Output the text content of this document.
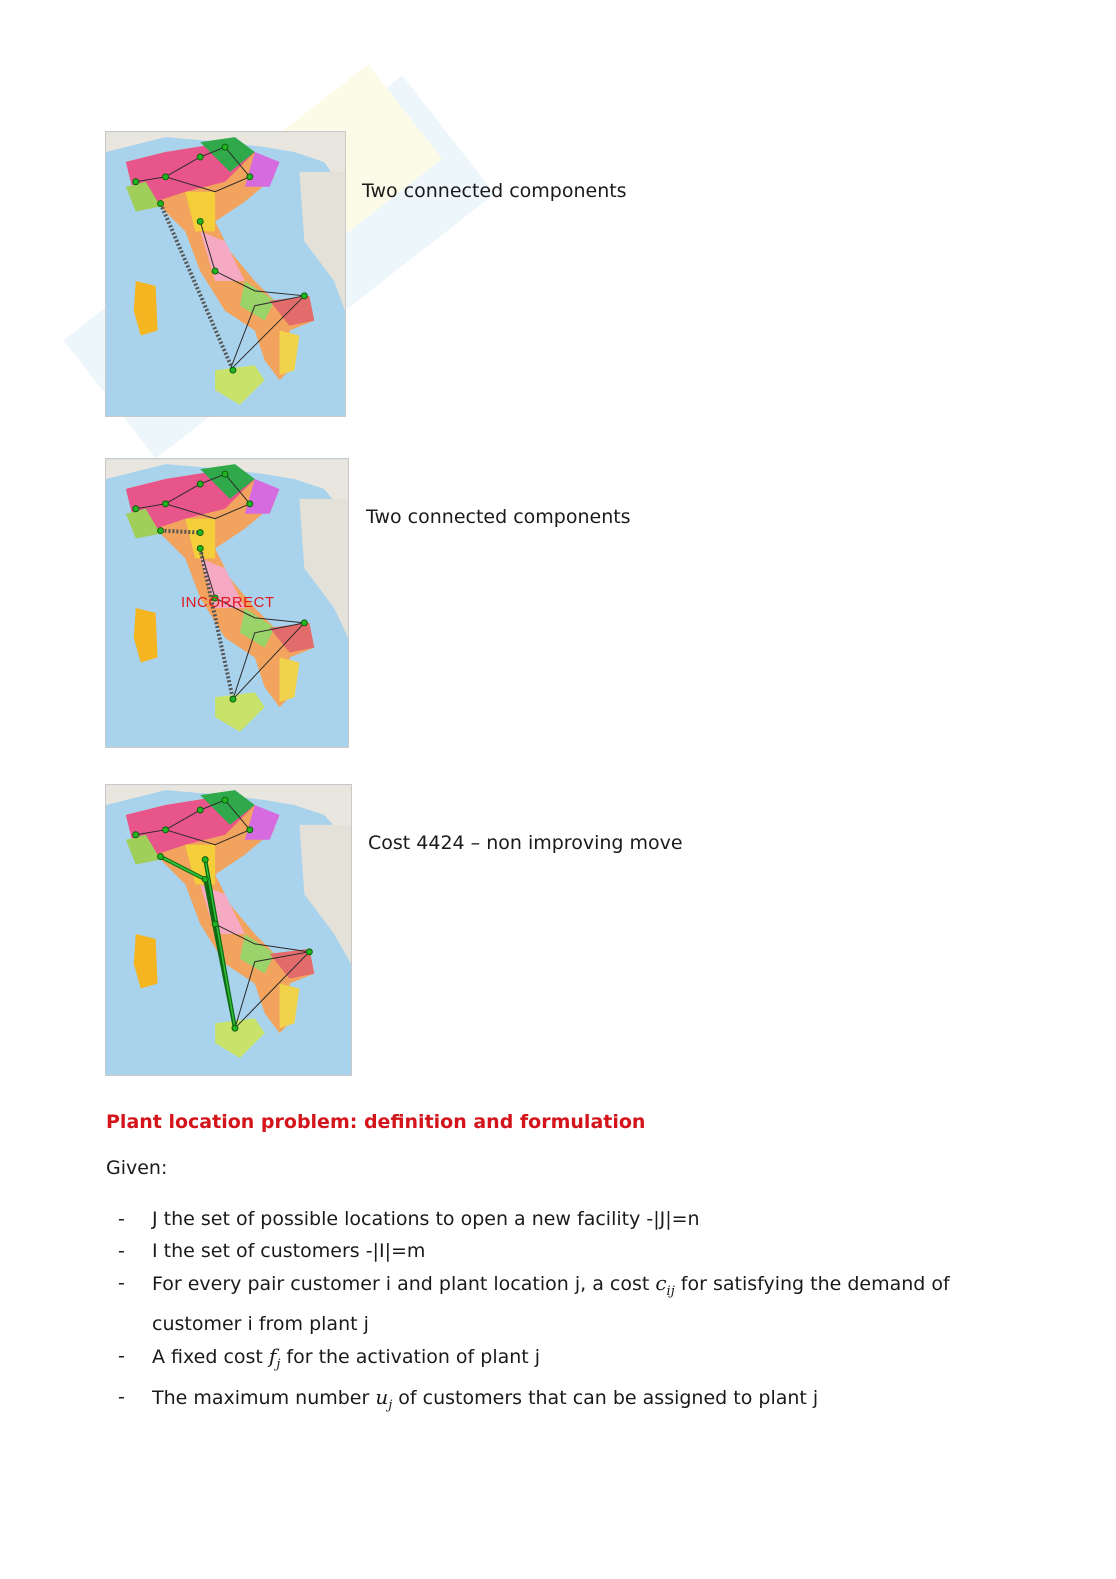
Two connected components
INCORRECT
Two connected components
Cost 4424 – non improving move
Plant location problem: definition and formulation
Given:
- J the set of possible locations to open a new facility -|J|=n
- I the set of customers -|I|=m
- For every pair customer i and plant location j, a cost $c_{ij}$ for satisfying the demand of customer i from plant j
- A fixed cost $f_j$ for the activation of plant j
- The maximum number $u_j$ of customers that can be assigned to plant j
